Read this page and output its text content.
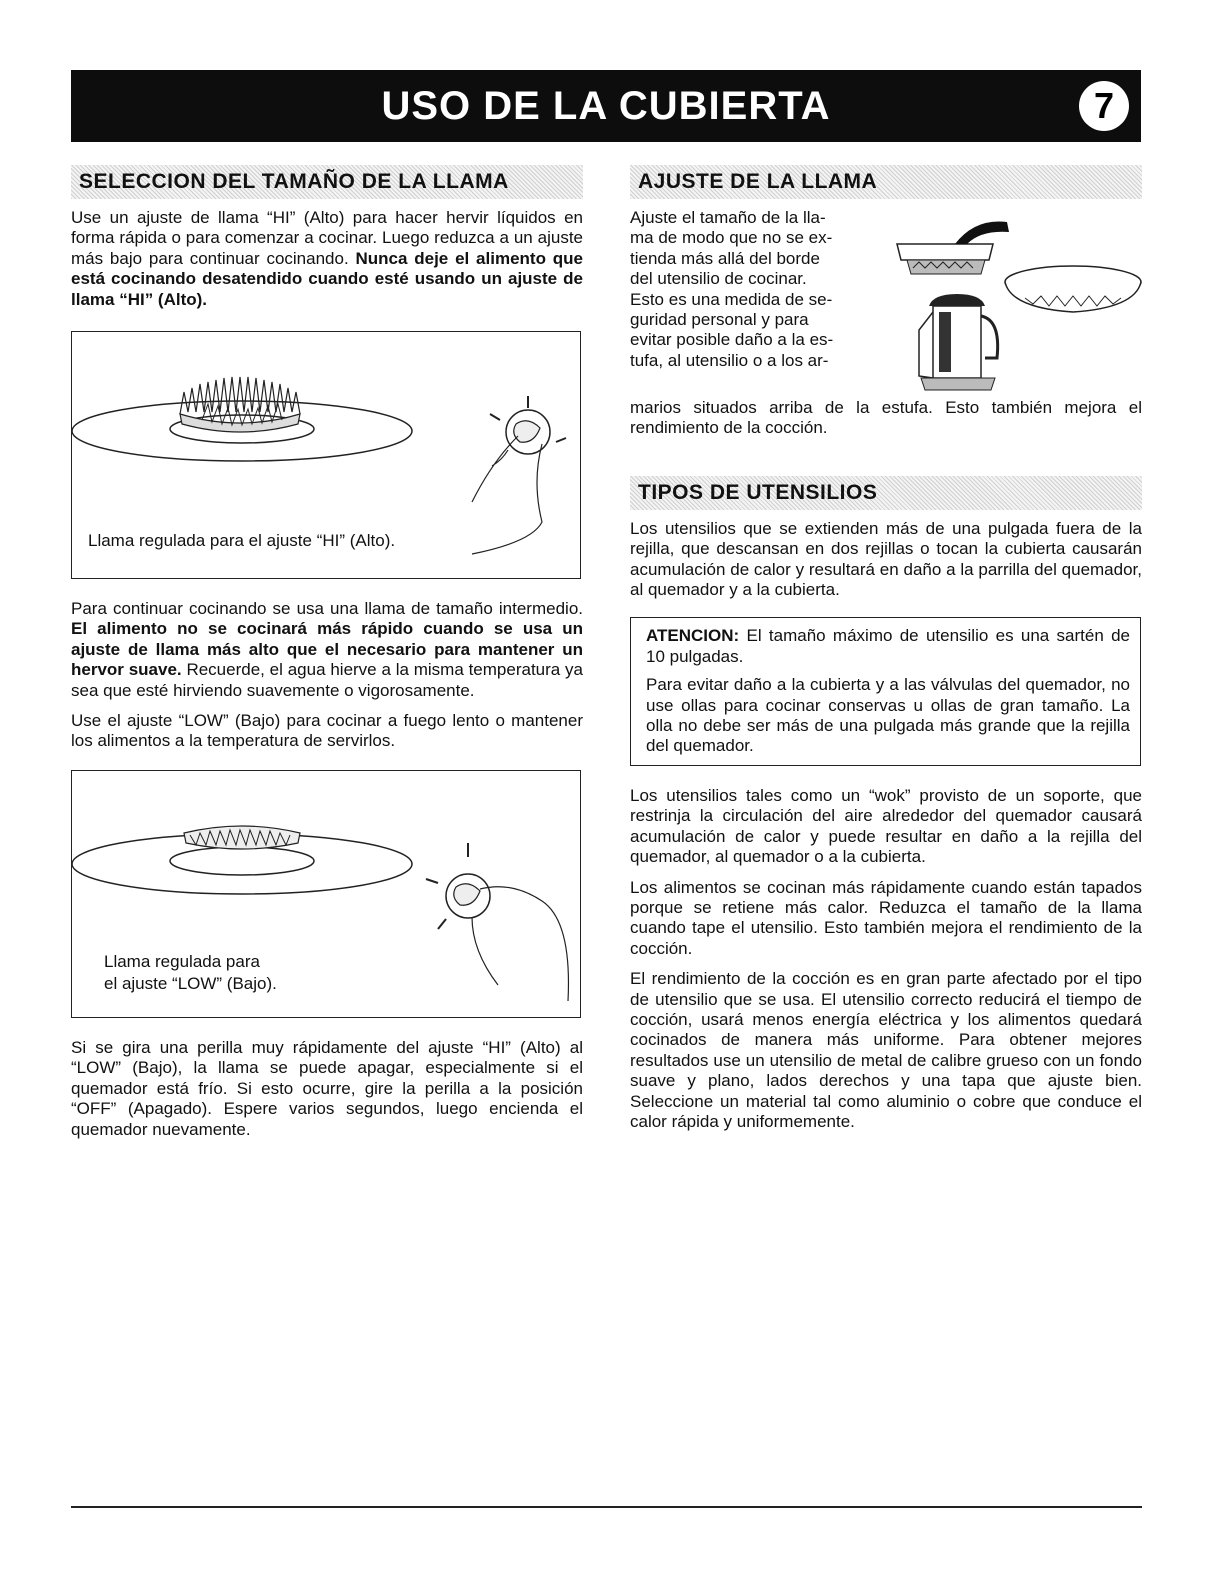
USO DE LA CUBIERTA	7
SELECCION DEL TAMAÑO DE LA LLAMA

Use un ajuste de llama “HI” (Alto) para hacer hervir líquidos en forma rápida o para comenzar a cocinar. Luego reduzca a un ajuste más bajo para continuar cocinando. Nunca deje el alimento que está cocinando desatendido cuando esté usando un ajuste de llama “HI” (Alto).

Llama regulada para el ajuste “HI” (Alto).

Para continuar cocinando se usa una llama de tamaño intermedio. El alimento no se cocinará más rápido cuando se usa un ajuste de llama más alto que el necesario para mantener un hervor suave. Recuerde, el agua hierve a la misma temperatura ya sea que esté hirviendo suavemente o vigorosamente.

Use el ajuste “LOW” (Bajo) para cocinar a fuego lento o mantener los alimentos a la temperatura de servirlos.

Llama regulada para
el ajuste “LOW” (Bajo).

Si se gira una perilla muy rápidamente del ajuste “HI” (Alto) al “LOW” (Bajo), la llama se puede apagar, especialmente si el quemador está frío. Si esto ocurre, gire la perilla a la posición “OFF” (Apagado). Espere varios segundos, luego encienda el quemador nuevamente.

AJUSTE DE LA LLAMA

Ajuste el tamaño de la lla-

ma de modo que no se ex-

tienda más allá del borde

del utensilio de cocinar.

Esto es una medida de se-

guridad personal y para

evitar posible daño a la es-

tufa, al utensilio o a los ar-

marios situados arriba de la estufa. Esto también mejora el rendimiento de la cocción.

TIPOS DE UTENSILIOS

Los utensilios que se extienden más de una pulgada fuera de la rejilla, que descansan en dos rejillas o tocan la cubierta causarán acumulación de calor y resultará en daño a la parrilla del quemador, al quemador y a la cubierta.

ATENCION: El tamaño máximo de utensilio es una sartén de 10 pulgadas.

Para evitar daño a la cubierta y a las válvulas del quemador, no use ollas para cocinar conservas u ollas de gran tamaño. La olla no debe ser más de una pulgada más grande que la rejilla del quemador.

Los utensilios tales como un “wok” provisto de un soporte, que restrinja la circulación del aire alrededor del quemador causará acumulación de calor y puede resultar en daño a la rejilla del quemador, al quemador o a la cubierta.

Los alimentos se cocinan más rápidamente cuando están tapados porque se retiene más calor. Reduzca el tamaño de la llama cuando tape el utensilio. Esto también mejora el rendimiento de la cocción.

El rendimiento de la cocción es en gran parte afectado por el tipo de utensilio que se usa. El utensilio correcto reducirá el tiempo de cocción, usará menos energía eléctrica y los alimentos quedará cocinados de manera más uniforme. Para obtener mejores resultados use un utensilio de metal de calibre grueso con un fondo suave y plano, lados derechos y una tapa que ajuste bien. Seleccione un material tal como aluminio o cobre que conduce el calor rápida y uniformemente.
